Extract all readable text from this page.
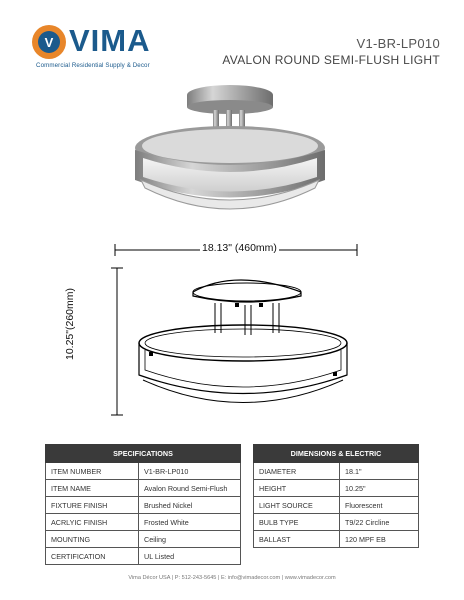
V VIMA
Commercial Residential Supply & Decor
V1-BR-LP010
AVALON ROUND SEMI-FLUSH LIGHT
18.13" (460mm)
10.25"(260mm)
SPECIFICATIONS	
ITEM NUMBER	V1-BR-LP010
ITEM NAME	Avalon Round Semi-Flush
FIXTURE FINISH	Brushed Nickel
ACRLYIC FINISH	Frosted White
MOUNTING	Ceiling
CERTIFICATION	UL Listed
DIMENSIONS & ELECTRIC	
DIAMETER	18.1"
HEIGHT	10.25"
LIGHT SOURCE	Fluorescent
BULB TYPE	T9/22 Circline
BALLAST	120 MPF EB
Vima Décor USA | P: 512-243-5645 | E: info@vimadecor.com | www.vimadecor.com
